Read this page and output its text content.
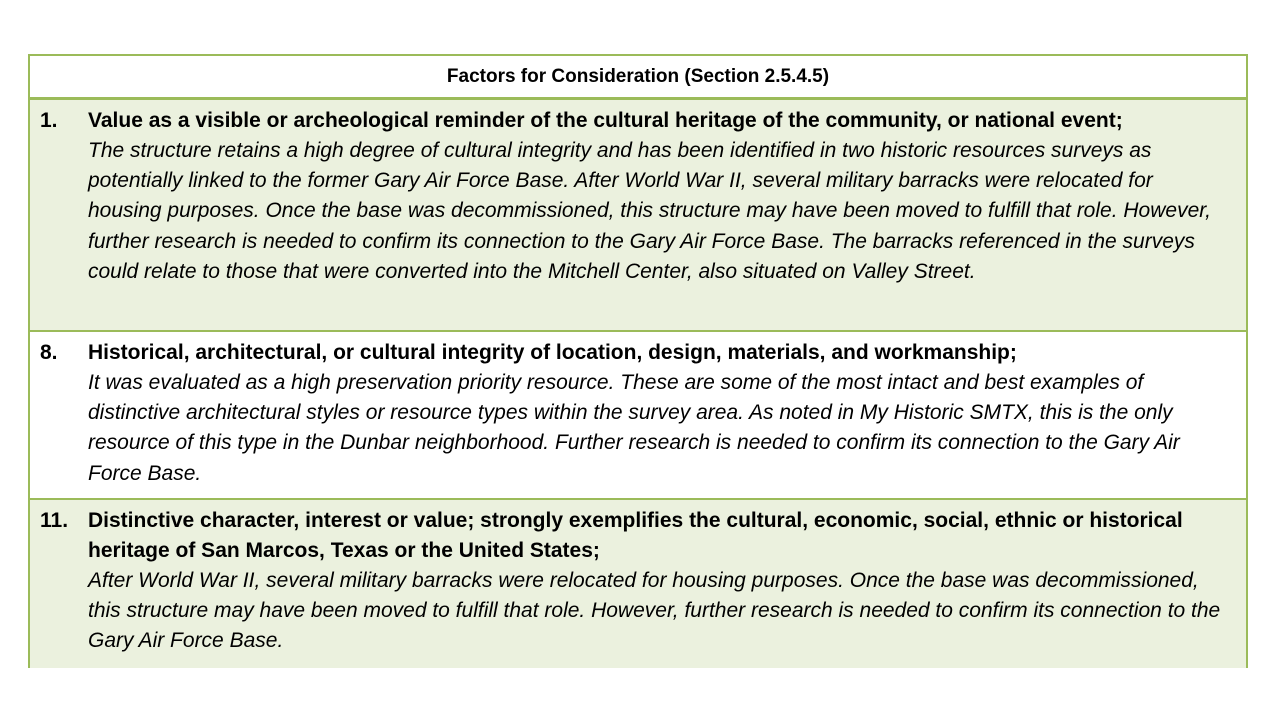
Factors for Consideration (Section 2.5.4.5)
1. Value as a visible or archeological reminder of the cultural heritage of the community, or national event;

The structure retains a high degree of cultural integrity and has been identified in two historic resources surveys as potentially linked to the former Gary Air Force Base. After World War II, several military barracks were relocated for housing purposes. Once the base was decommissioned, this structure may have been moved to fulfill that role. However, further research is needed to confirm its connection to the Gary Air Force Base. The barracks referenced in the surveys could relate to those that were converted into the Mitchell Center, also situated on Valley Street.

8. Historical, architectural, or cultural integrity of location, design, materials, and workmanship;

It was evaluated as a high preservation priority resource. These are some of the most intact and best examples of distinctive architectural styles or resource types within the survey area. As noted in My Historic SMTX, this is the only resource of this type in the Dunbar neighborhood. Further research is needed to confirm its connection to the Gary Air Force Base.

11. Distinctive character, interest or value; strongly exemplifies the cultural, economic, social, ethnic or historical heritage of San Marcos, Texas or the United States;

After World War II, several military barracks were relocated for housing purposes. Once the base was decommissioned, this structure may have been moved to fulfill that role. However, further research is needed to confirm its connection to the Gary Air Force Base.
